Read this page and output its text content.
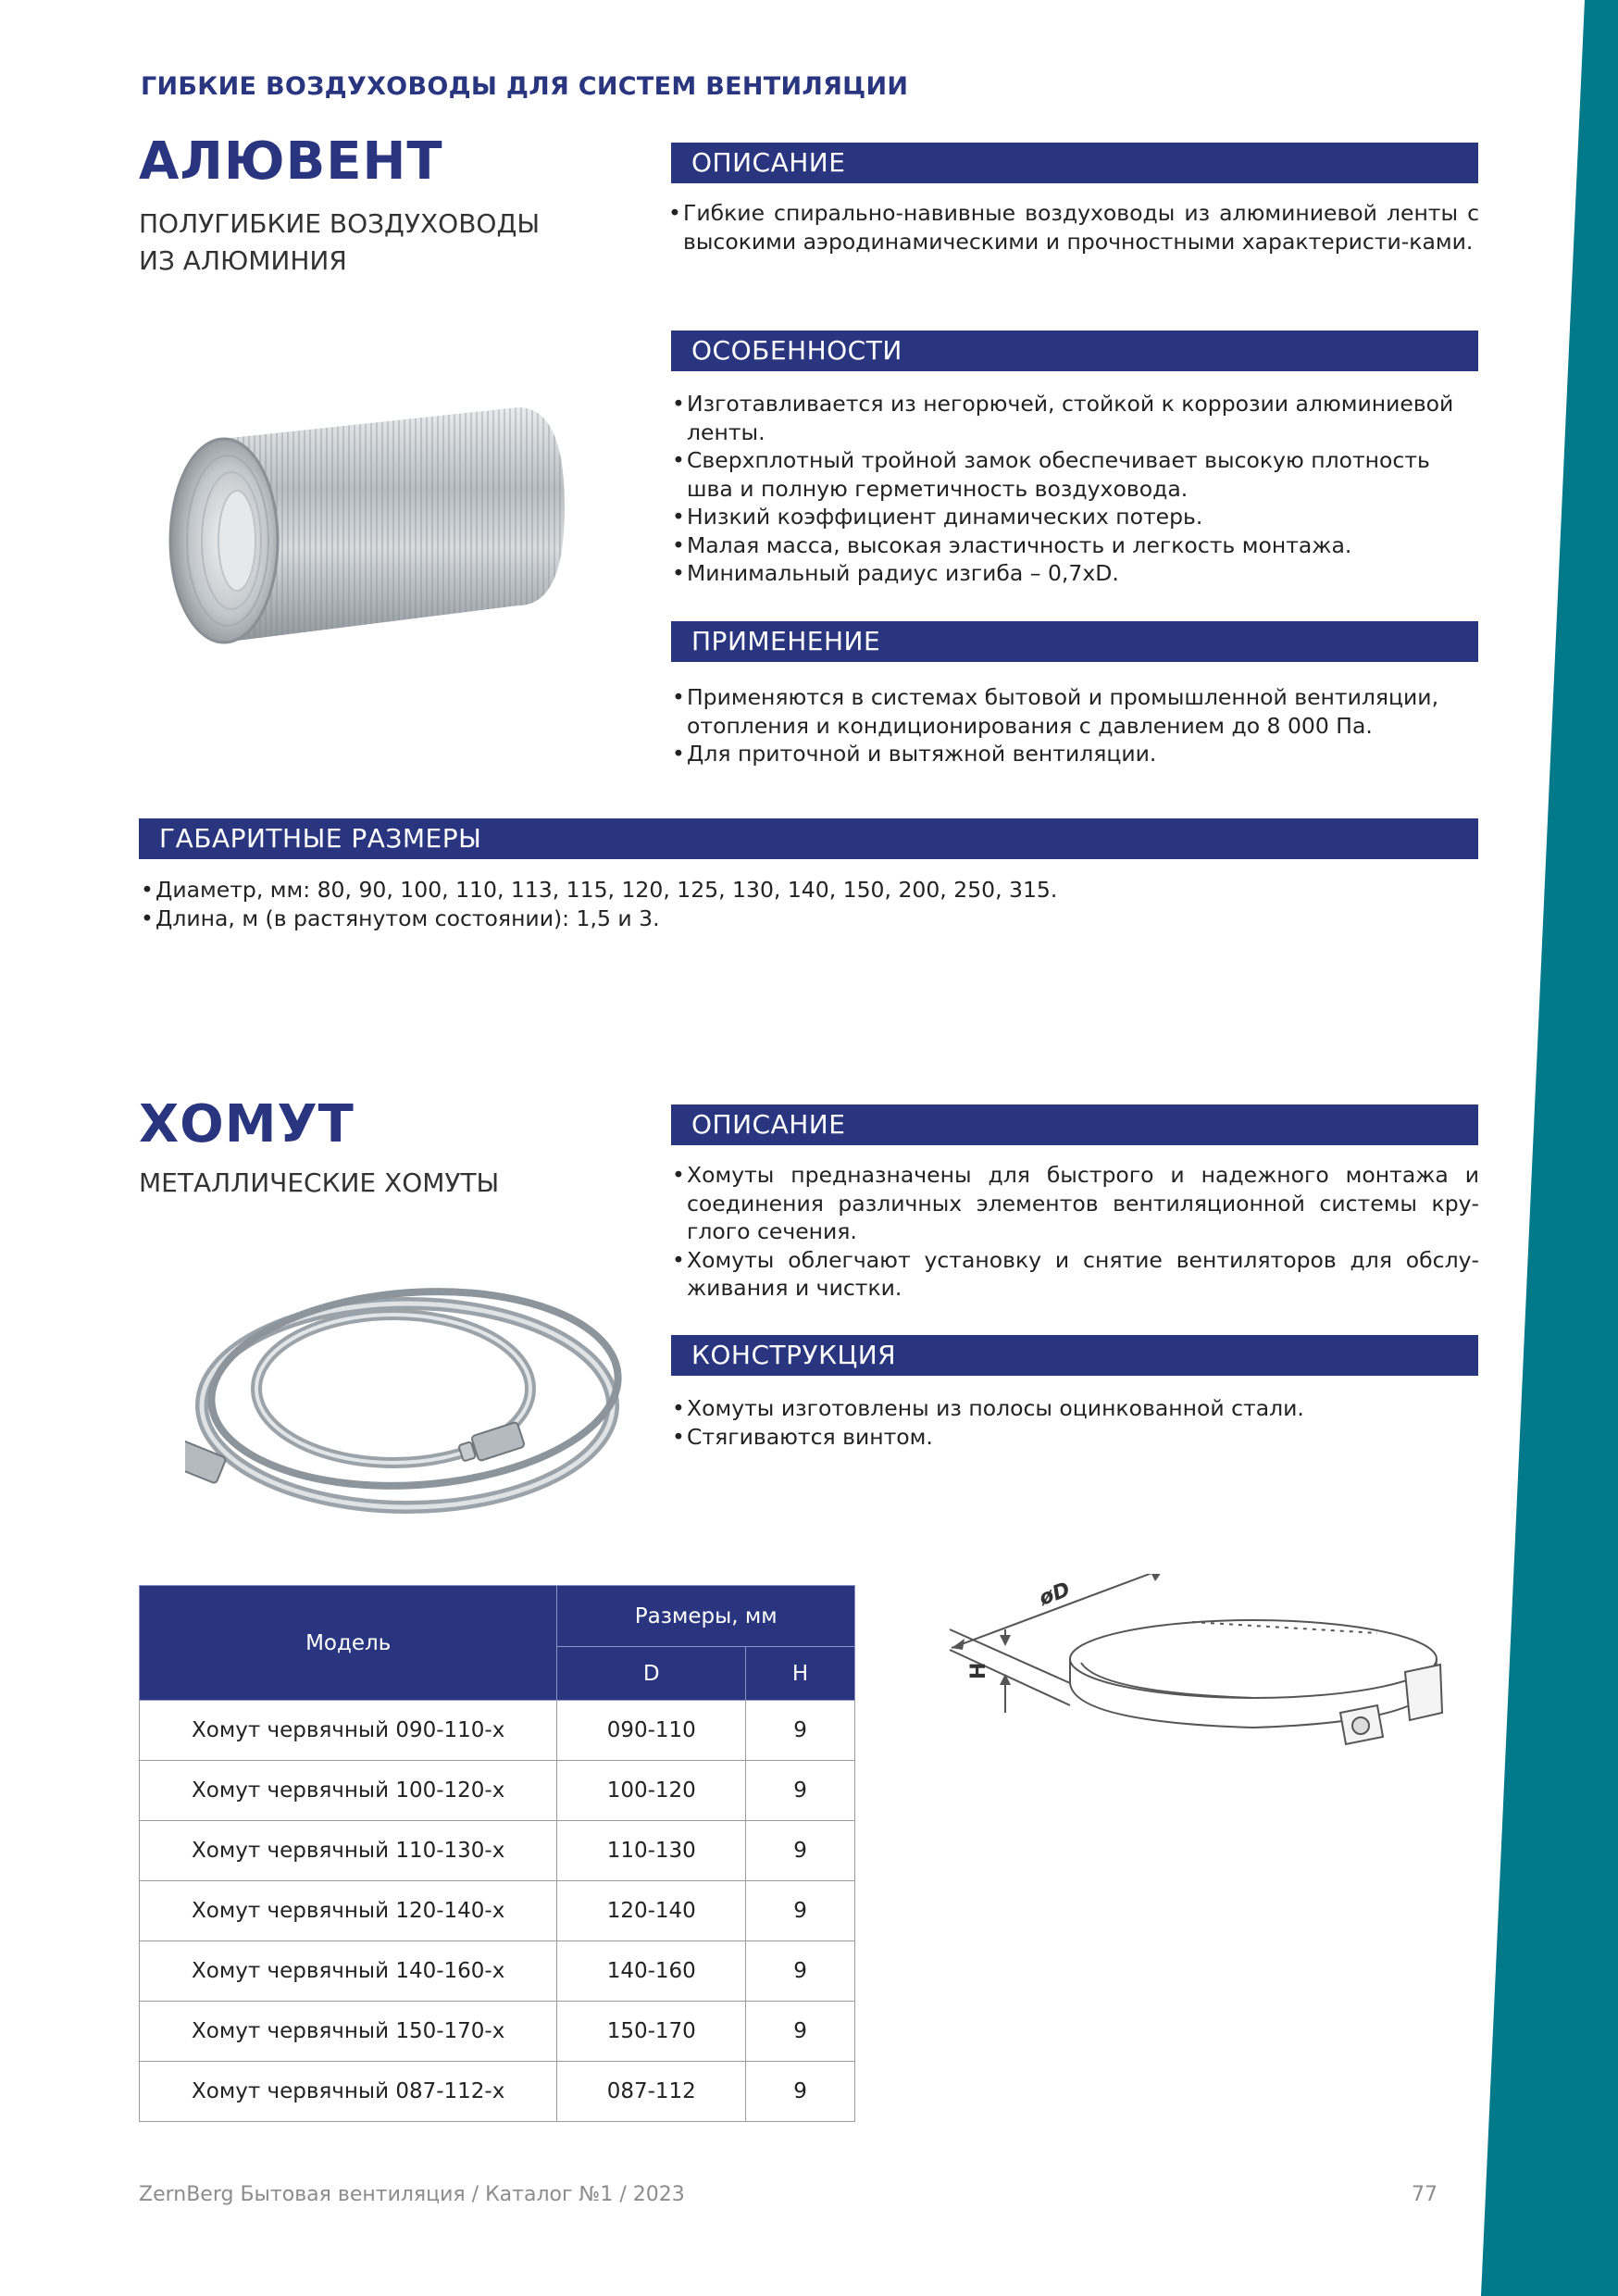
ГИБКИЕ ВОЗДУХОВОДЫ ДЛЯ СИСТЕМ ВЕНТИЛЯЦИИ
АЛЮВЕНТ
ПОЛУГИБКИЕ ВОЗДУХОВОДЫ
ИЗ АЛЮМИНИЯ
ОПИСАНИЕ
• Гибкие спирально-навивные воздуховоды из алюминиевой ленты с высокими аэродинамическими и прочностными характеристи-ками.
ОСОБЕННОСТИ
• Изготавливается из негорючей, стойкой к коррозии алюминиевой ленты.
• Сверхплотный тройной замок обеспечивает высокую плотность шва и полную герметичность воздуховода.
• Низкий коэффициент динамических потерь.
• Малая масса, высокая эластичность и легкость монтажа.
• Минимальный радиус изгиба – 0,7xD.
ПРИМЕНЕНИЕ
• Применяются в системах бытовой и промышленной вентиляции, отопления и кондиционирования с давлением до 8 000 Па.
• Для приточной и вытяжной вентиляции.
ГАБАРИТНЫЕ РАЗМЕРЫ
• Диаметр, мм: 80, 90, 100, 110, 113, 115, 120, 125, 130, 140, 150, 200, 250, 315.
• Длина, м (в растянутом состоянии): 1,5 и 3.
ХОМУТ
МЕТАЛЛИЧЕСКИЕ ХОМУТЫ
ОПИСАНИЕ
• Хомуты предназначены для быстрого и надежного монтажа и соединения различных элементов вентиляционной системы кру-глого сечения.
• Хомуты облегчают установку и снятие вентиляторов для обслу-живания и чистки.
КОНСТРУКЦИЯ
• Хомуты изготовлены из полосы оцинкованной стали.
• Стягиваются винтом.
Модель	Размеры, мм	
	D	H
Хомут червячный 090-110-х	090-110	9
Хомут червячный 100-120-х	100-120	9
Хомут червячный 110-130-х	110-130	9
Хомут червячный 120-140-х	120-140	9
Хомут червячный 140-160-х	140-160	9
Хомут червячный 150-170-х	150-170	9
Хомут червячный 087-112-х	087-112	9
øD
H
ZernBerg Бытовая вентиляция / Каталог №1 / 2023	77
